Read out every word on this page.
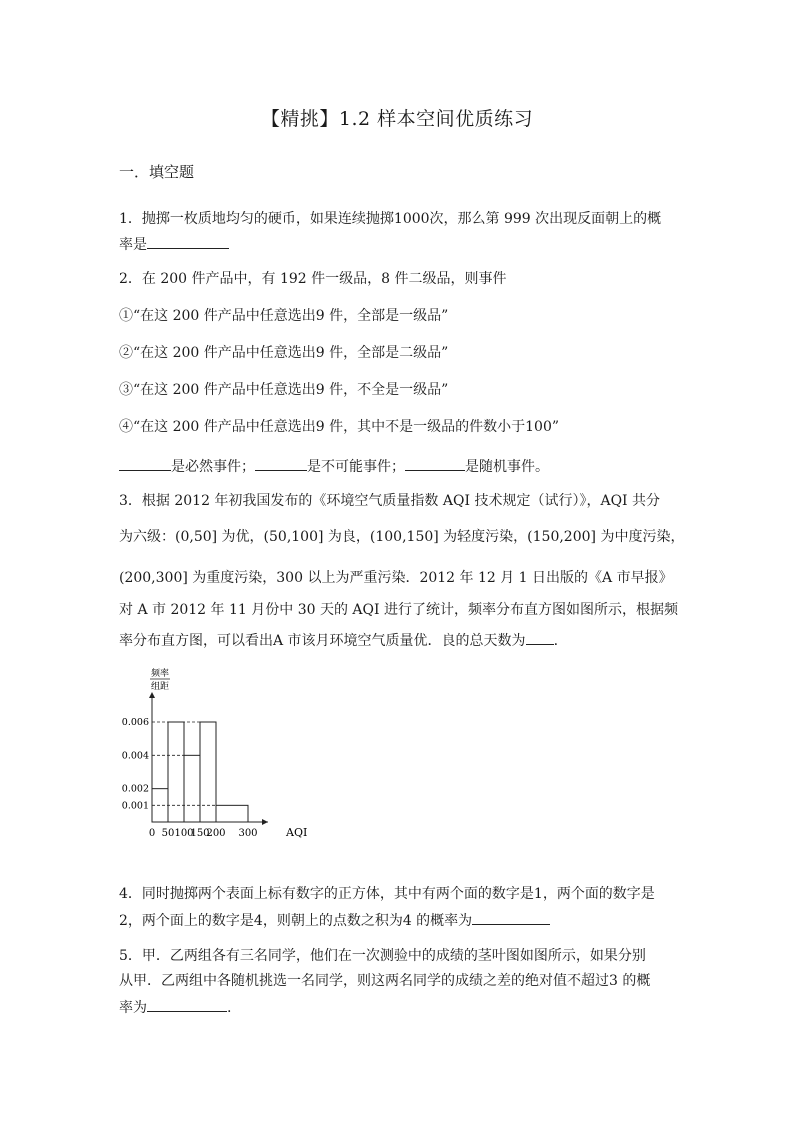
【精挑】1.2 样本空间优质练习
一．填空题
1．抛掷一枚质地均匀的硬币，如果连续抛掷1000次，那么第 999 次出现反面朝上的概
率是
2．在 200 件产品中，有 192 件一级品，8 件二级品，则事件
①“在这 200 件产品中任意选出9 件，全部是一级品”
②“在这 200 件产品中任意选出9 件，全部是二级品”
③“在这 200 件产品中任意选出9 件，不全是一级品”
④“在这 200 件产品中任意选出9 件，其中不是一级品的件数小于100”
是必然事件；	是不可能事件；	是随机事件。
3．根据 2012 年初我国发布的《环境空气质量指数 AQI 技术规定（试行）》，AQI 共分
为六级：(0,50] 为优，(50,100] 为良，(100,150] 为轻度污染，(150,200] 为中度污染，
(200,300] 为重度污染，300 以上为严重污染．2012 年 12 月 1 日出版的《A 市早报》
对 A 市 2012 年 11 月份中 30 天的 AQI 进行了统计，频率分布直方图如图所示，根据频
率分布直方图，可以看出A 市该月环境空气质量优．良的总天数为 .
频率
组距
AQI
0.001
0.002
0.004
0.006
0 50 100
150
200 300
4．同时抛掷两个表面上标有数字的正方体，其中有两个面的数字是1，两个面的数字是
2，两个面上的数字是4，则朝上的点数之积为4 的概率为
5．甲．乙两组各有三名同学，他们在一次测验中的成绩的茎叶图如图所示，如果分别
从甲．乙两组中各随机挑选一名同学，则这两名同学的成绩之差的绝对值不超过3 的概
率为	.
